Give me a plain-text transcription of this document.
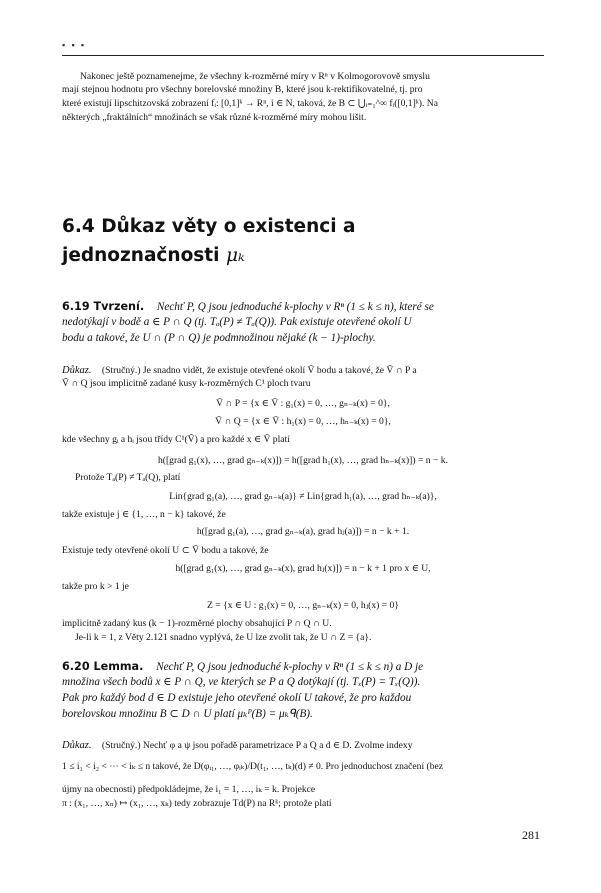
▪ ▪ ▪
Nakonec ještě poznamenejme, že všechny k-rozměrné míry v Rⁿ v Kolmogorovově smyslu
mají stejnou hodnotu pro všechny borelovské množiny B, které jsou k-rektifikovatelné, tj. pro
které existují lipschitzovská zobrazení fᵢ: [0,1]ᵏ → Rⁿ, i ∈ N, taková, že B ⊂ ⋃ᵢ₌₁^∞ fᵢ([0,1]ᵏ). Na
některých „fraktálních“ množinách se však různé k-rozměrné míry mohou lišit.
6.4 Důkaz věty o existenci a
jednoznačnosti μₖ
6.19 Tvrzení. Nechť P, Q jsou jednoduché k-plochy v Rⁿ (1 ≤ k ≤ n), které se
nedotýkají v bodě a ∈ P ∩ Q (tj. Tₐ(P) ≠ Tₐ(Q)). Pak existuje otevřené okolí U
bodu a takové, že U ∩ (P ∩ Q) je podmnožinou nějaké (k − 1)-plochy.
Důkaz. (Stručný.) Je snadno vidět, že existuje otevřené okolí Ṽ bodu a takové, že Ṽ ∩ P a
Ṽ ∩ Q jsou implicitně zadané kusy k-rozměrných C¹ ploch tvaru
Ṽ ∩ P = {x ∈ Ṽ : g₁(x) = 0, …, gₙ₋ₖ(x) = 0},
Ṽ ∩ Q = {x ∈ Ṽ : h₁(x) = 0, …, hₙ₋ₖ(x) = 0},
kde všechny gᵢ a hᵢ jsou třídy C¹(Ṽ) a pro každé x ∈ Ṽ platí
h([grad g₁(x), …, grad gₙ₋ₖ(x)]) = h([grad h₁(x), …, grad hₙ₋ₖ(x)]) = n − k.
Protože Tₐ(P) ≠ Tₐ(Q), platí
Lin{grad g₁(a), …, grad gₙ₋ₖ(a)} ≠ Lin{grad h₁(a), …, grad hₙ₋ₖ(a)},
takže existuje j ∈ {1, …, n − k} takové, že
h([grad g₁(a), …, grad gₙ₋ₖ(a), grad hⱼ(a)]) = n − k + 1.
Existuje tedy otevřené okolí U ⊂ Ṽ bodu a takové, že
h([grad g₁(x), …, grad gₙ₋ₖ(x), grad hⱼ(x)]) = n − k + 1 pro x ∈ U,
takže pro k > 1 je
Z = {x ∈ U : g₁(x) = 0, …, gₙ₋ₖ(x) = 0, hⱼ(x) = 0}
implicitně zadaný kus (k − 1)-rozměrné plochy obsahující P ∩ Q ∩ U.
Je-li k = 1, z Věty 2.121 snadno vyplývá, že U lze zvolit tak, že U ∩ Z = {a}.
6.20 Lemma. Nechť P, Q jsou jednoduché k-plochy v Rⁿ (1 ≤ k ≤ n) a D je
množina všech bodů x ∈ P ∩ Q, ve kterých se P a Q dotýkají (tj. Tₓ(P) = Tₓ(Q)).
Pak pro každý bod d ∈ D existuje jeho otevřené okolí U takové, že pro každou
borelovskou množinu B ⊂ D ∩ U platí μₖᴾ(B) = μₖᑫ(B).
Důkaz. (Stručný.) Nechť φ a ψ jsou pořadě parametrizace P a Q a d ∈ D. Zvolme indexy
1 ≤ i₁ < i₂ < ⋯ < iₖ ≤ n takové, že D(φᵢ₁, …, φᵢₖ)/D(t₁, …, tₖ)(d) ≠ 0. Pro jednoduchost značení (bez
újmy na obecnosti) předpokládejme, že i₁ = 1, …, iₖ = k. Projekce
π : (x₁, …, xₙ) ↦ (x₁, …, xₖ) tedy zobrazuje Td(P) na Rᵏ; protože platí
281
